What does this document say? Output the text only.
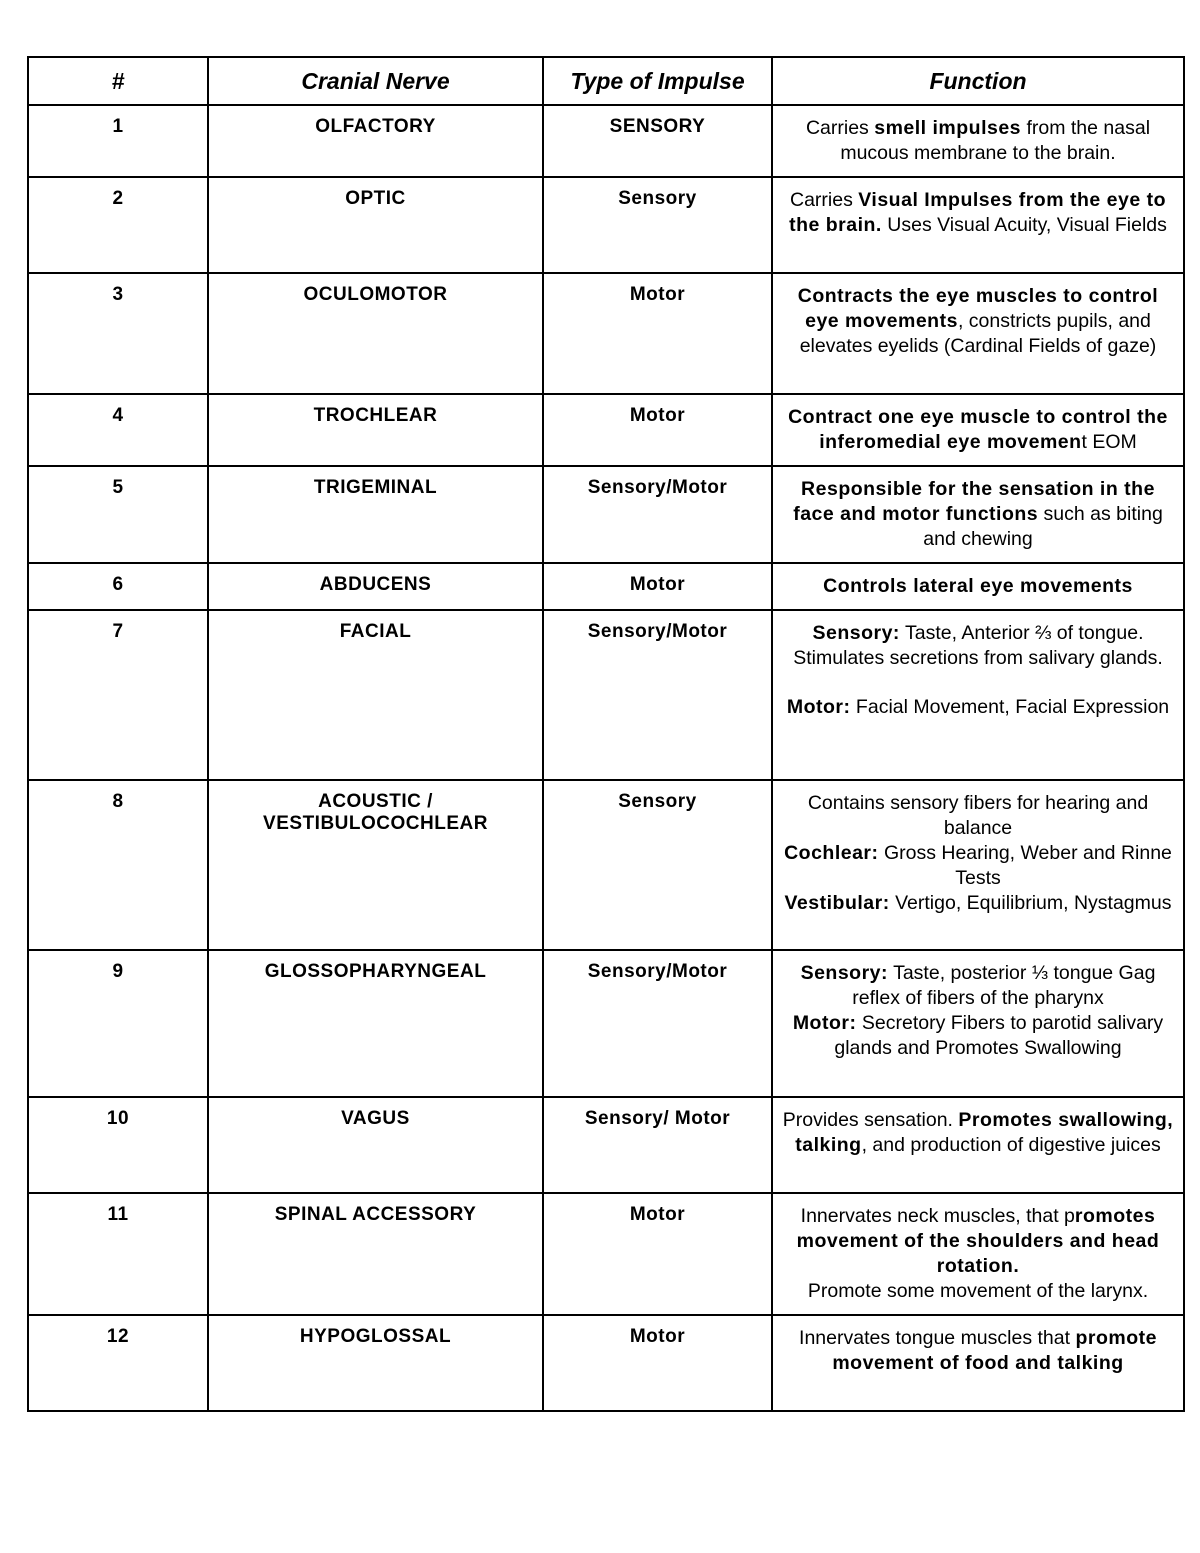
#	Cranial Nerve	Type of Impulse	Function
1	OLFACTORY	SENSORY	Carries smell impulses from the nasal mucous membrane to the brain.

2	OPTIC	Sensory	Carries Visual Impulses from the eye to the brain. Uses Visual Acuity, Visual Fields

3	OCULOMOTOR	Motor	Contracts the eye muscles to control eye movements, constricts pupils, and elevates eyelids (Cardinal Fields of gaze)

4	TROCHLEAR	Motor	Contract one eye muscle to control the inferomedial eye movement EOM

5	TRIGEMINAL	Sensory/Motor	Responsible for the sensation in the face and motor functions such as biting and chewing

6	ABDUCENS	Motor	Controls lateral eye movements

7	FACIAL	Sensory/Motor	Sensory: Taste, Anterior ⅔ of tongue. Stimulates secretions from salivary glands.
Motor: Facial Movement, Facial Expression

8	ACOUSTIC / VESTIBULOCOCHLEAR	Sensory	Contains sensory fibers for hearing and balance
Cochlear: Gross Hearing, Weber and Rinne Tests
Vestibular: Vertigo, Equilibrium, Nystagmus

9	GLOSSOPHARYNGEAL	Sensory/Motor	Sensory: Taste, posterior ⅓ tongue Gag reflex of fibers of the pharynx
Motor: Secretory Fibers to parotid salivary glands and Promotes Swallowing

10	VAGUS	Sensory/ Motor	Provides sensation. Promotes swallowing, talking, and production of digestive juices

11	SPINAL ACCESSORY	Motor	Innervates neck muscles, that promotes movement of the shoulders and head rotation.
Promote some movement of the larynx.

12	HYPOGLOSSAL	Motor	Innervates tongue muscles that promote movement of food and talking
